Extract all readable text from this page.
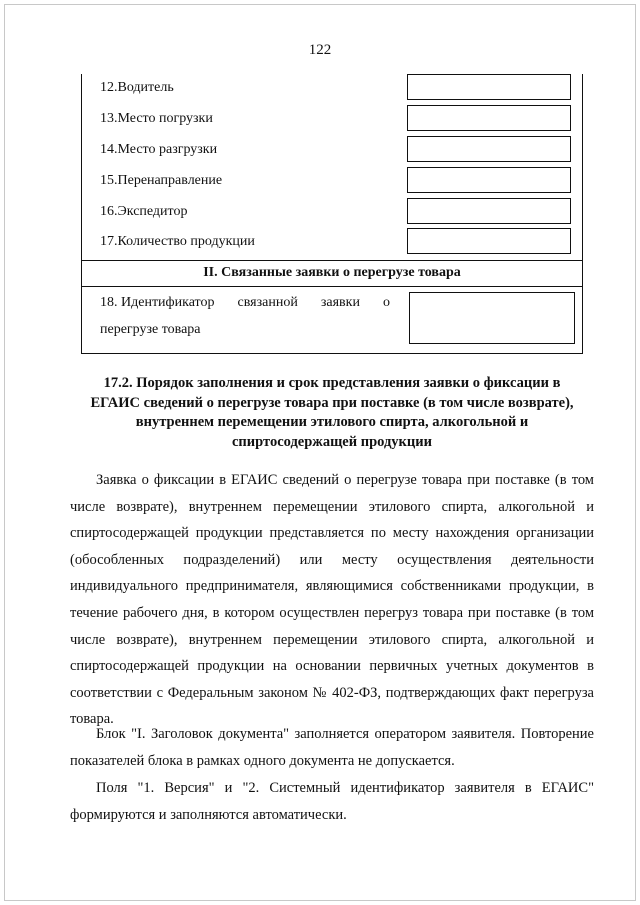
122
12.Водитель
13.Место погрузки
14.Место разгрузки
15.Перенаправление
16.Экспедитор
17.Количество продукции
II. Связанные заявки о перегрузе товара
18. Идентификатор связанной заявки о
перегрузе товара
17.2. Порядок заполнения и срок представления заявки о фиксации в
ЕГАИС сведений о перегрузе товара при поставке (в том числе возврате),
внутреннем перемещении этилового спирта, алкогольной и
спиртосодержащей продукции
Заявка о фиксации в ЕГАИС сведений о перегрузе товара при поставке (в том числе возврате), внутреннем перемещении этилового спирта, алкогольной и спиртосодержащей продукции представляется по месту нахождения организации (обособленных подразделений) или месту осуществления деятельности индивидуального предпринимателя, являющимися собственниками продукции, в течение рабочего дня, в котором осуществлен перегруз товара при поставке (в том числе возврате), внутреннем перемещении этилового спирта, алкогольной и спиртосодержащей продукции на основании первичных учетных документов в соответствии с Федеральным законом № 402-ФЗ, подтверждающих факт перегруза товара.
Блок "I. Заголовок документа" заполняется оператором заявителя. Повторение показателей блока в рамках одного документа не допускается.
Поля "1. Версия" и "2. Системный идентификатор заявителя в ЕГАИС" формируются и заполняются автоматически.
